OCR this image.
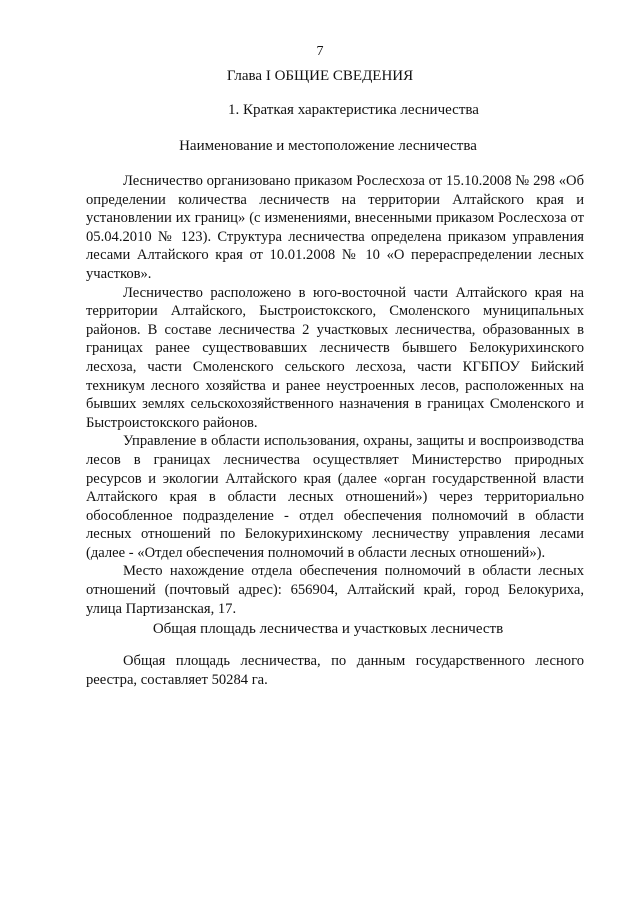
7
Глава I ОБЩИЕ СВЕДЕНИЯ
1. Краткая характеристика лесничества
Наименование и местоположение лесничества

Лесничество организовано приказом Рослесхоза от 15.10.2008 № 298 «Об определении количества лесничеств на территории Алтайского края и установлении их границ» (с изменениями, внесенными приказом Рослесхоза от 05.04.2010 № 123). Структура лесничества определена приказом управления лесами Алтайского края от 10.01.2008 № 10 «О перераспределении лесных участков».

Лесничество расположено в юго-восточной части Алтайского края на территории Алтайского, Быстроистокского, Смоленского муниципальных районов. В составе лесничества 2 участковых лесничества, образованных в границах ранее существовавших лесничеств бывшего Белокурихинского лесхоза, части Смоленского сельского лесхоза, части КГБПОУ Бийский техникум лесного хозяйства и ранее неустроенных лесов, расположенных на бывших землях сельскохозяйственного назначения в границах Смоленского и Быстроистокского районов.

Управление в области использования, охраны, защиты и воспроизводства лесов в границах лесничества осуществляет Министерство природных ресурсов и экологии Алтайского края (далее «орган государственной власти Алтайского края в области лесных отношений») через территориально обособленное подразделение - отдел обеспечения полномочий в области лесных отношений по Белокурихинскому лесничеству управления лесами (далее - «Отдел обеспечения полномочий в области лесных отношений»).

Место нахождение отдела обеспечения полномочий в области лесных отношений (почтовый адрес): 656904, Алтайский край, город Белокуриха, улица Партизанская, 17.

Общая площадь лесничества и участковых лесничеств

Общая площадь лесничества, по данным государственного лесного реестра, составляет 50284 га.
